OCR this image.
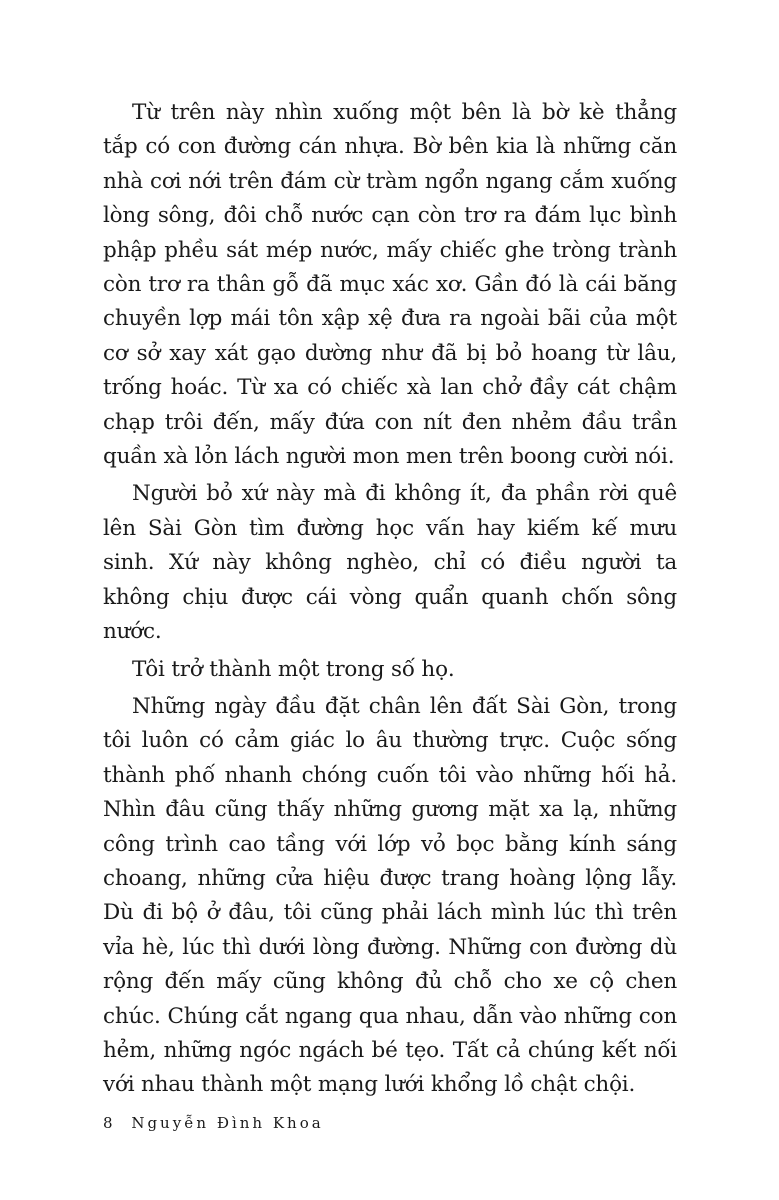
Từ trên này nhìn xuống một bên là bờ kè thẳng tắp có con đường cán nhựa. Bờ bên kia là những căn nhà cơi nới trên đám cừ tràm ngổn ngang cắm xuống lòng sông, đôi chỗ nước cạn còn trơ ra đám lục bình phập phều sát mép nước, mấy chiếc ghe tròng trành còn trơ ra thân gỗ đã mục xác xơ. Gần đó là cái băng chuyền lợp mái tôn xập xệ đưa ra ngoài bãi của một cơ sở xay xát gạo dường như đã bị bỏ hoang từ lâu, trống hoác. Từ xa có chiếc xà lan chở đầy cát chậm chạp trôi đến, mấy đứa con nít đen nhẻm đầu trần quần xà lỏn lách người mon men trên boong cười nói.

Người bỏ xứ này mà đi không ít, đa phần rời quê lên Sài Gòn tìm đường học vấn hay kiếm kế mưu sinh. Xứ này không nghèo, chỉ có điều người ta không chịu được cái vòng quẩn quanh chốn sông nước.

Tôi trở thành một trong số họ.

Những ngày đầu đặt chân lên đất Sài Gòn, trong tôi luôn có cảm giác lo âu thường trực. Cuộc sống thành phố nhanh chóng cuốn tôi vào những hối hả. Nhìn đâu cũng thấy những gương mặt xa lạ, những công trình cao tầng với lớp vỏ bọc bằng kính sáng choang, những cửa hiệu được trang hoàng lộng lẫy. Dù đi bộ ở đâu, tôi cũng phải lách mình lúc thì trên vỉa hè, lúc thì dưới lòng đường. Những con đường dù rộng đến mấy cũng không đủ chỗ cho xe cộ chen chúc. Chúng cắt ngang qua nhau, dẫn vào những con hẻm, những ngóc ngách bé tẹo. Tất cả chúng kết nối với nhau thành một mạng lưới khổng lồ chật chội.

8 Nguyễn Đình Khoa
